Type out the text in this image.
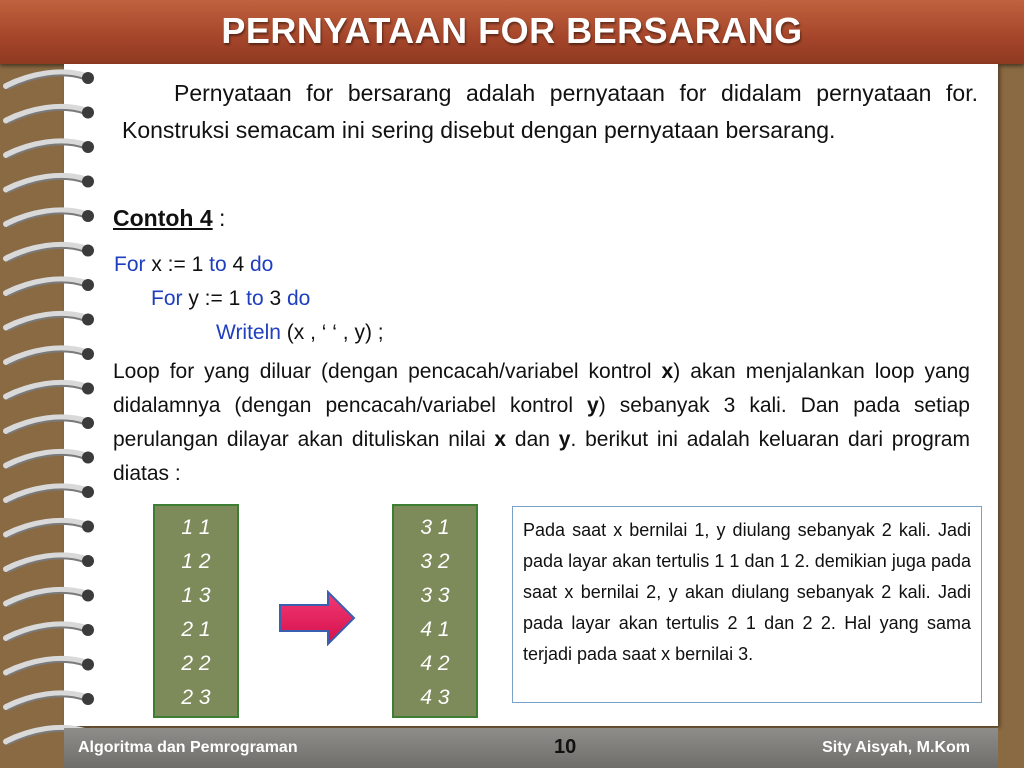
PERNYATAAN FOR BERSARANG
Pernyataan for bersarang adalah pernyataan for didalam pernyataan for. Konstruksi semacam ini sering disebut dengan pernyataan bersarang.
Contoh 4 :
For x := 1 to 4 do
For y := 1 to 3 do
Writeln (x , ‘ ‘ , y) ;
Loop for yang diluar (dengan pencacah/variabel kontrol x) akan menjalankan loop yang didalamnya (dengan pencacah/variabel kontrol y) sebanyak 3 kali. Dan pada setiap perulangan dilayar akan dituliskan nilai x dan y. berikut ini adalah keluaran dari program diatas :
1 1
1 2
1 3
2 1
2 2
2 3
3 1
3 2
3 3
4 1
4 2
4 3
Pada saat x bernilai 1, y diulang sebanyak 2 kali. Jadi pada layar akan tertulis 1 1 dan 1 2. demikian juga pada saat x bernilai 2, y akan diulang sebanyak 2 kali. Jadi pada layar akan tertulis 2 1 dan 2 2. Hal yang sama terjadi pada saat x bernilai 3.
Algoritma dan Pemrograman	10	Sity Aisyah, M.Kom
